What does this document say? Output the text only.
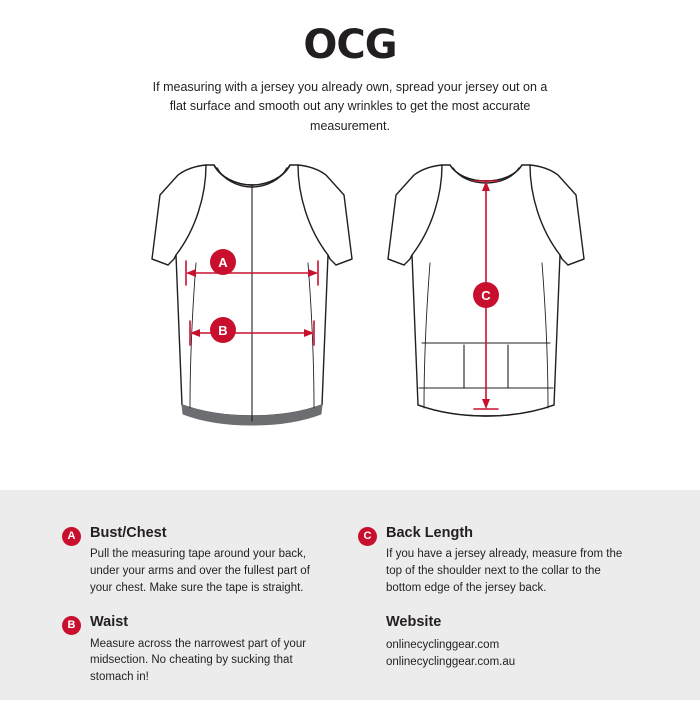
OCG
If measuring with a jersey you already own, spread your jersey out on a flat surface and smooth out any wrinkles to get the most accurate measurement.
A
B
C
A	Bust/Chest

Pull the measuring tape around your back, under your arms and over the fullest part of your chest. Make sure the tape is straight.
B	Waist

Measure across the narrowest part of your midsection. No cheating by sucking that stomach in!
C	Back Length

If you have a jersey already, measure from the top of the shoulder next to the collar to the bottom edge of the jersey back.

Website

onlinecyclinggear.com
onlinecyclinggear.com.au
